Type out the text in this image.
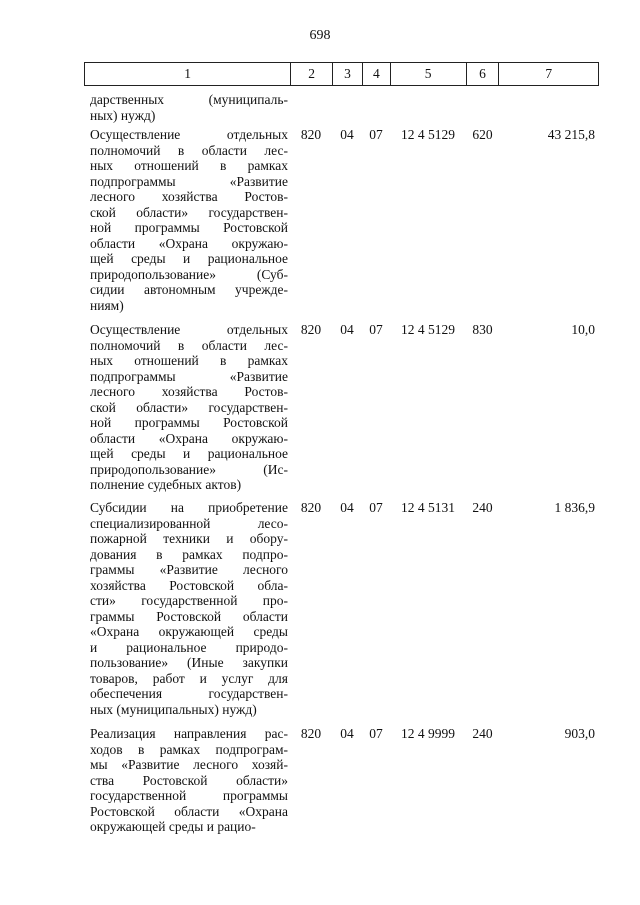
698
1	2	3	4	5	6	7
дарственных (муниципаль-
ных) нужд)
Осуществление отдельных
полномочий в области лес-
ных отношений в рамках
подпрограммы «Развитие
лесного хозяйства Ростов-
ской области» государствен-
ной программы Ростовской
области «Охрана окружаю-
щей среды и рациональное
природопользование» (Суб-
сидии автономным учрежде-
ниям)
820	04	07	12 4 5129	620	43 215,8
Осуществление отдельных
полномочий в области лес-
ных отношений в рамках
подпрограммы «Развитие
лесного хозяйства Ростов-
ской области» государствен-
ной программы Ростовской
области «Охрана окружаю-
щей среды и рациональное
природопользование» (Ис-
полнение судебных актов)
820	04	07	12 4 5129	830	10,0
Субсидии на приобретение
специализированной лесо-
пожарной техники и обору-
дования в рамках подпро-
граммы «Развитие лесного
хозяйства Ростовской обла-
сти» государственной про-
граммы Ростовской области
«Охрана окружающей среды
и рациональное природо-
пользование» (Иные закупки
товаров, работ и услуг для
обеспечения государствен-
ных (муниципальных) нужд)
820	04	07	12 4 5131	240	1 836,9
Реализация направления рас-
ходов в рамках подпрограм-
мы «Развитие лесного хозяй-
ства Ростовской области»
государственной программы
Ростовской области «Охрана
окружающей среды и рацио-
820	04	07	12 4 9999	240	903,0
